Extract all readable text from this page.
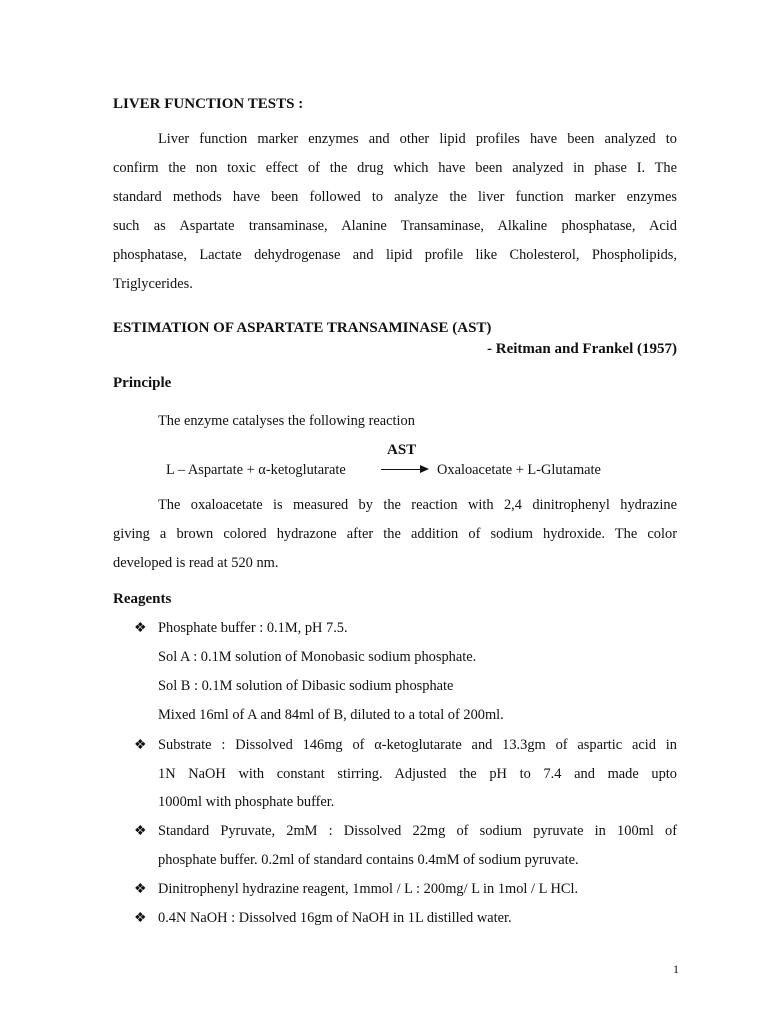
LIVER FUNCTION TESTS :
Liver function marker enzymes and other lipid profiles have been analyzed to
confirm the non toxic effect of the drug which have been analyzed in phase I. The
standard methods have been followed to analyze the liver function marker enzymes
such as Aspartate transaminase, Alanine Transaminase, Alkaline phosphatase, Acid
phosphatase, Lactate dehydrogenase and lipid profile like Cholesterol, Phospholipids,
Triglycerides.
ESTIMATION OF ASPARTATE TRANSAMINASE (AST)
- Reitman and Frankel (1957)
Principle
The enzyme catalyses the following reaction
AST
L – Aspartate + α-ketoglutarate	Oxaloacetate + L-Glutamate
The oxaloacetate is measured by the reaction with 2,4 dinitrophenyl hydrazine
giving a brown colored hydrazone after the addition of sodium hydroxide. The color
developed is read at 520 nm.
Reagents
❖ Phosphate buffer : 0.1M, pH 7.5.
Sol A : 0.1M solution of Monobasic sodium phosphate.
Sol B : 0.1M solution of Dibasic sodium phosphate
Mixed 16ml of A and 84ml of B, diluted to a total of 200ml.
❖ Substrate : Dissolved 146mg of α-ketoglutarate and 13.3gm of aspartic acid in
1N NaOH with constant stirring. Adjusted the pH to 7.4 and made upto
1000ml with phosphate buffer.
❖ Standard Pyruvate, 2mM : Dissolved 22mg of sodium pyruvate in 100ml of
phosphate buffer. 0.2ml of standard contains 0.4mM of sodium pyruvate.
❖ Dinitrophenyl hydrazine reagent, 1mmol / L : 200mg/ L in 1mol / L HCl.
❖ 0.4N NaOH : Dissolved 16gm of NaOH in 1L distilled water.
1
